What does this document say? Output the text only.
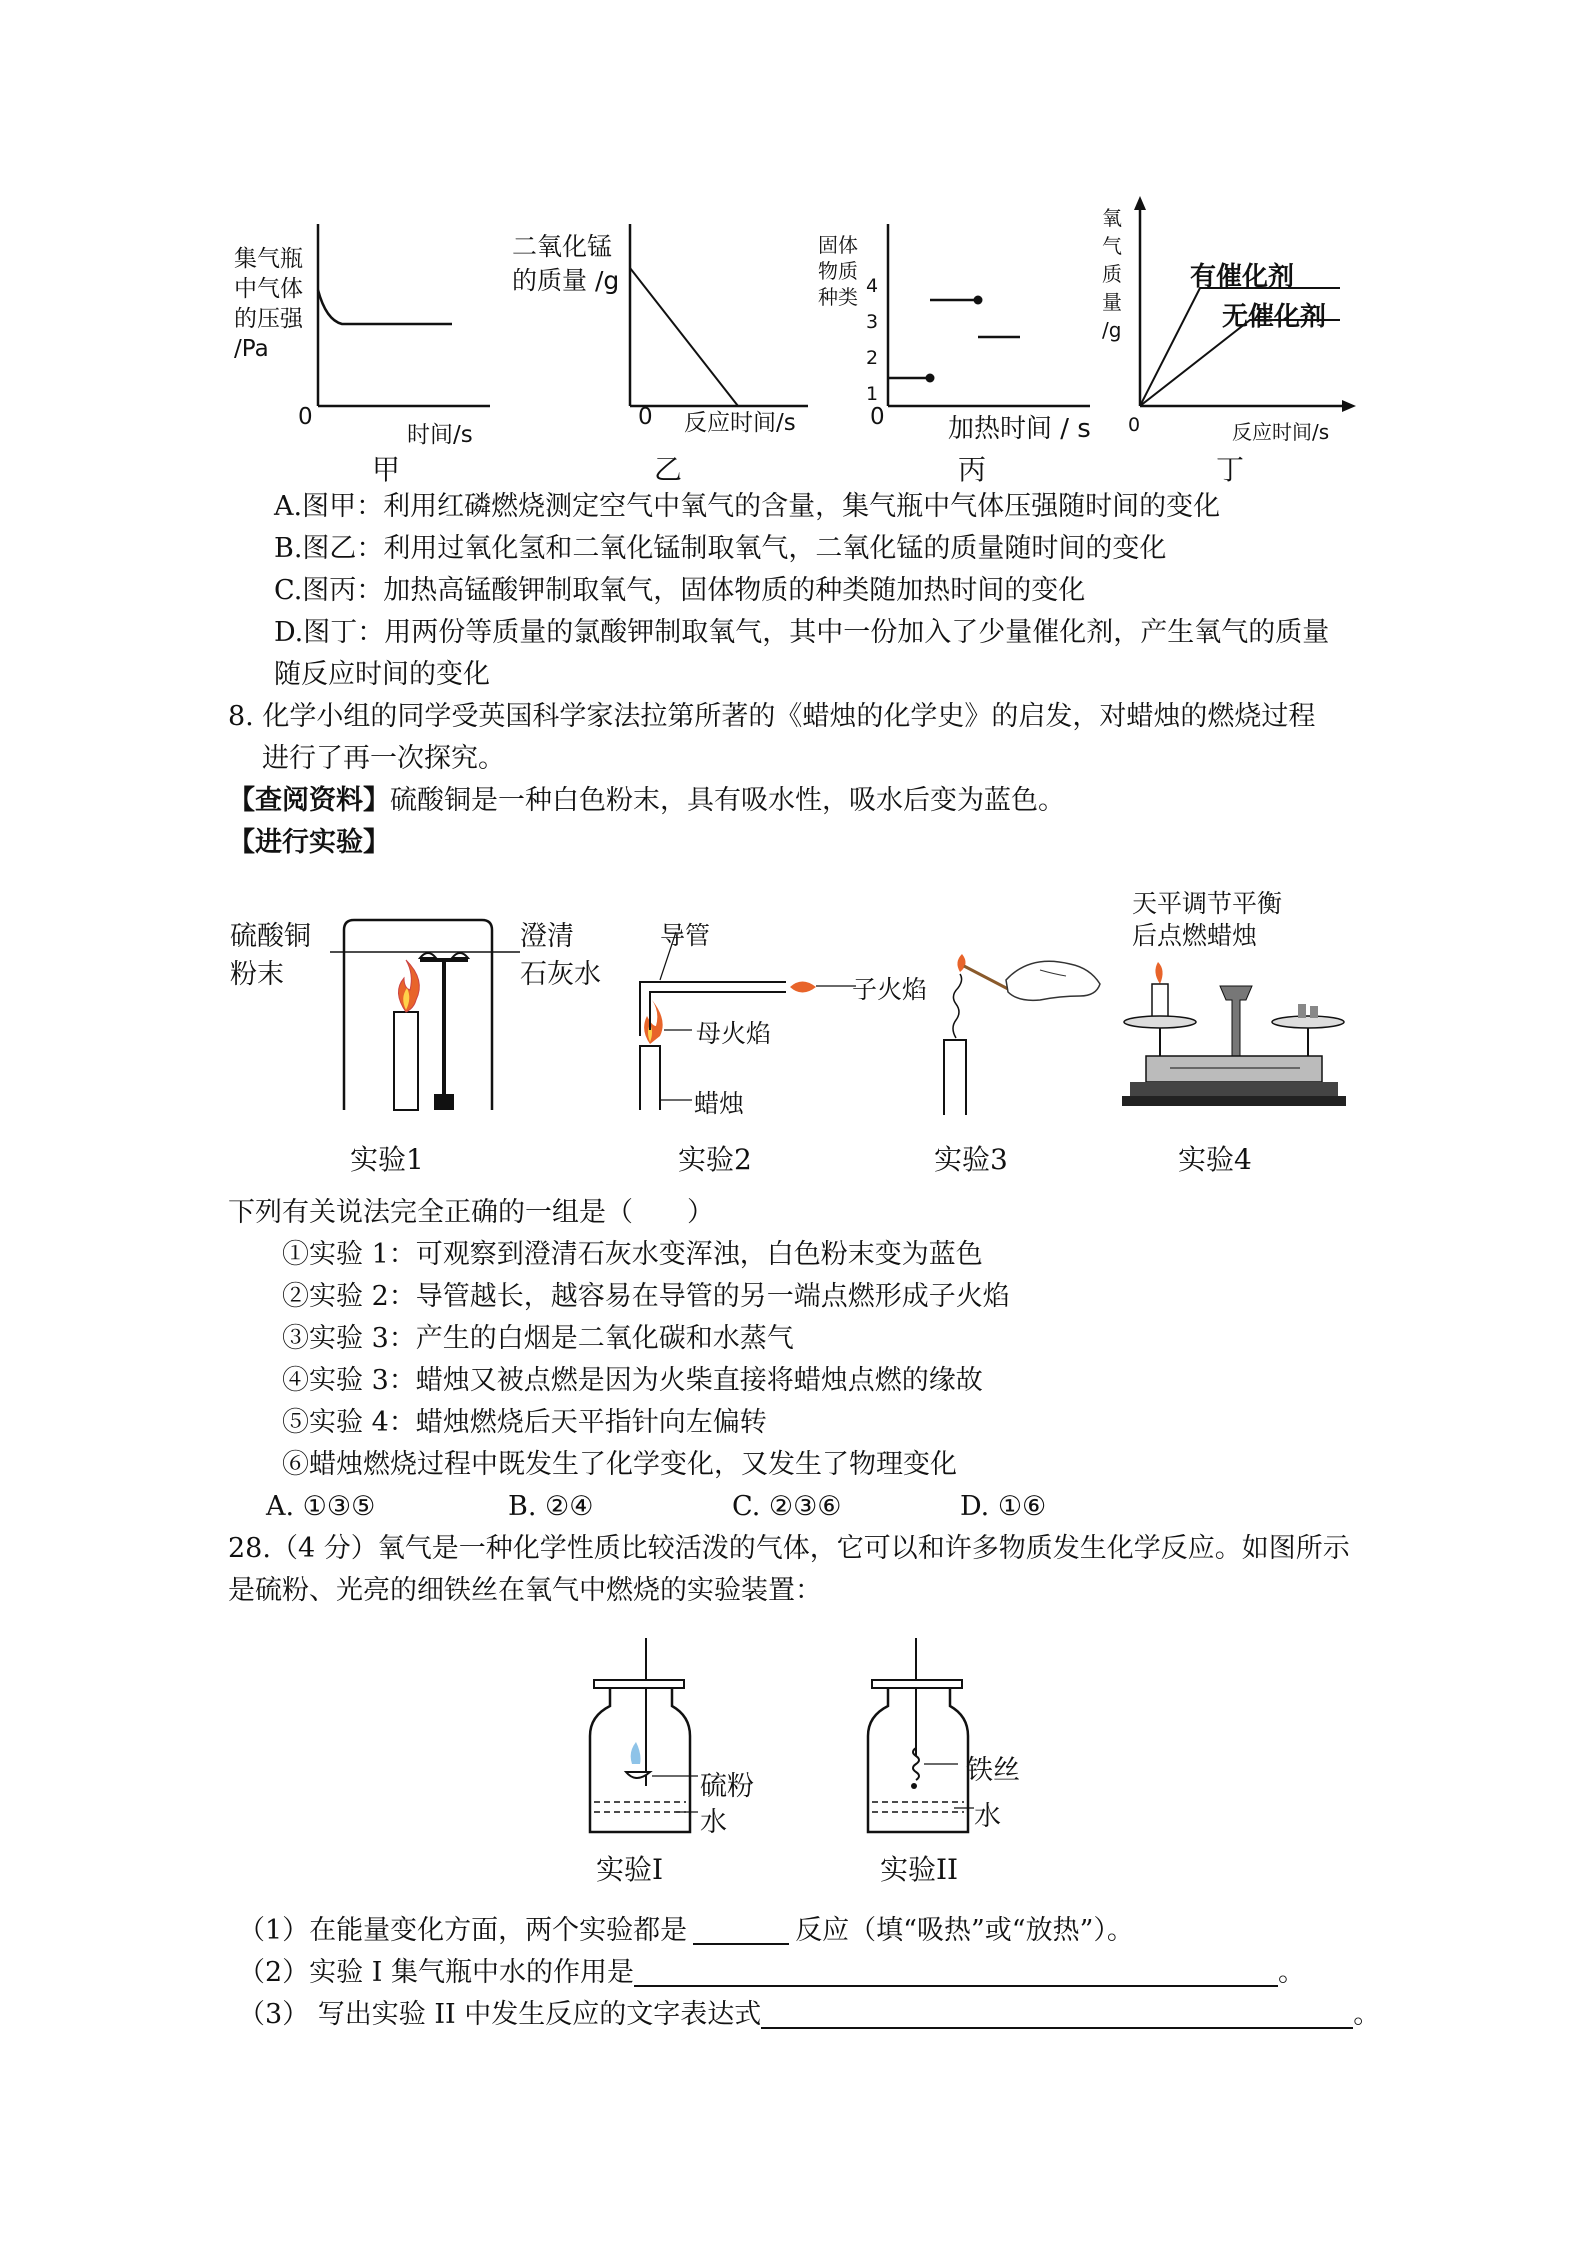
集气瓶
中气体
的压强
/Pa
0
时间/s
甲
二氧化锰
的质量 /g
0 反应时间/s
乙
固体
物质
种类 4
3
2
1
0 加热时间 / s
丙
氧
气
质
量
/g
0	反应时间/s
有催化剂
无催化剂
丁
A.图甲：利用红磷燃烧测定空气中氧气的含量，集气瓶中气体压强随时间的变化
B.图乙：利用过氧化氢和二氧化锰制取氧气，二氧化锰的质量随时间的变化
C.图丙：加热高锰酸钾制取氧气，固体物质的种类随加热时间的变化
D.图丁：用两份等质量的氯酸钾制取氧气，其中一份加入了少量催化剂，产生氧气的质量
随反应时间的变化
8. 化学小组的同学受英国科学家法拉第所著的《蜡烛的化学史》的启发，对蜡烛的燃烧过程
进行了再一次探究。
【查阅资料】硫酸铜是一种白色粉末，具有吸水性，吸水后变为蓝色。
【进行实验】
硫酸铜
粉末
澄清
石灰水
实验1
导管
子火焰
母火焰
蜡烛
实验2	实验3
天平调节平衡
后点燃蜡烛
实验4
下列有关说法完全正确的一组是（　　）
①实验 1：可观察到澄清石灰水变浑浊，白色粉末变为蓝色
②实验 2：导管越长，越容易在导管的另一端点燃形成子火焰
③实验 3：产生的白烟是二氧化碳和水蒸气
④实验 3：蜡烛又被点燃是因为火柴直接将蜡烛点燃的缘故
⑤实验 4：蜡烛燃烧后天平指针向左偏转
⑥蜡烛燃烧过程中既发生了化学变化，又发生了物理变化
A. ①③⑤	B. ②④	C. ②③⑥	D. ①⑥
28.（4 分）氧气是一种化学性质比较活泼的气体，它可以和许多物质发生化学反应。如图所示
是硫粉、光亮的细铁丝在氧气中燃烧的实验装置：
硫粉
水
实验I
铁丝
水
实验II
（1）在能量变化方面，两个实验都是	反应（填“吸热”或“放热”）。
（2）实验 I 集气瓶中水的作用是	。
（3） 写出实验 II 中发生反应的文字表达式	。
